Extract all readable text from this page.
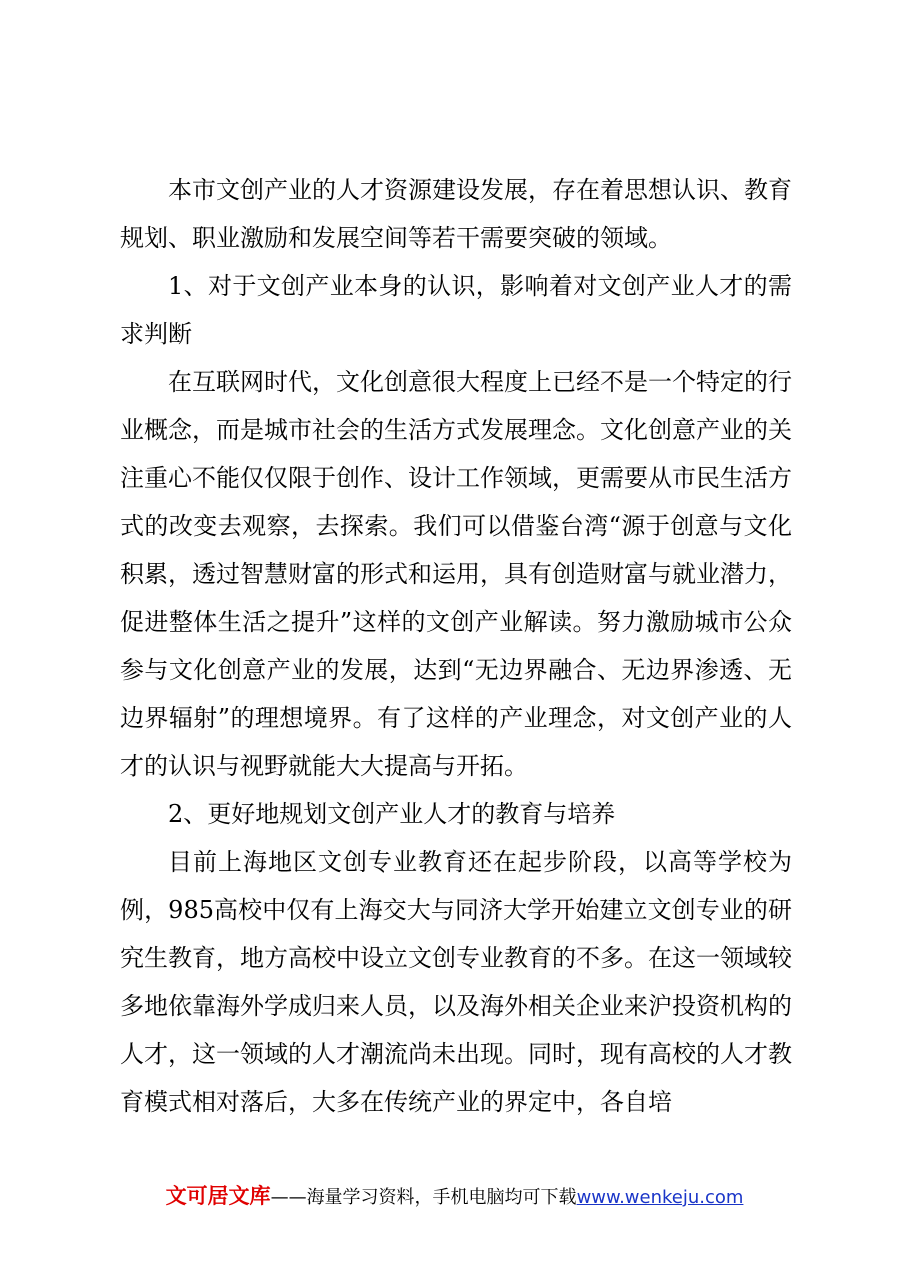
本市文创产业的人才资源建设发展，存在着思想认识、教育规划、职业激励和发展空间等若干需要突破的领域。

1、对于文创产业本身的认识，影响着对文创产业人才的需求判断

在互联网时代，文化创意很大程度上已经不是一个特定的行业概念，而是城市社会的生活方式发展理念。文化创意产业的关注重心不能仅仅限于创作、设计工作领域，更需要从市民生活方式的改变去观察，去探索。我们可以借鉴台湾“源于创意与文化积累，透过智慧财富的形式和运用，具有创造财富与就业潜力，促进整体生活之提升”这样的文创产业解读。努力激励城市公众参与文化创意产业的发展，达到“无边界融合、无边界渗透、无边界辐射”的理想境界。有了这样的产业理念，对文创产业的人才的认识与视野就能大大提高与开拓。

2、更好地规划文创产业人才的教育与培养

目前上海地区文创专业教育还在起步阶段，以高等学校为例，985高校中仅有上海交大与同济大学开始建立文创专业的研究生教育，地方高校中设立文创专业教育的不多。在这一领域较多地依靠海外学成归来人员，以及海外相关企业来沪投资机构的人才，这一领域的人才潮流尚未出现。同时，现有高校的人才教育模式相对落后，大多在传统产业的界定中，各自培

文可居文库——海量学习资料，手机电脑均可下载www.wenkeju.com
